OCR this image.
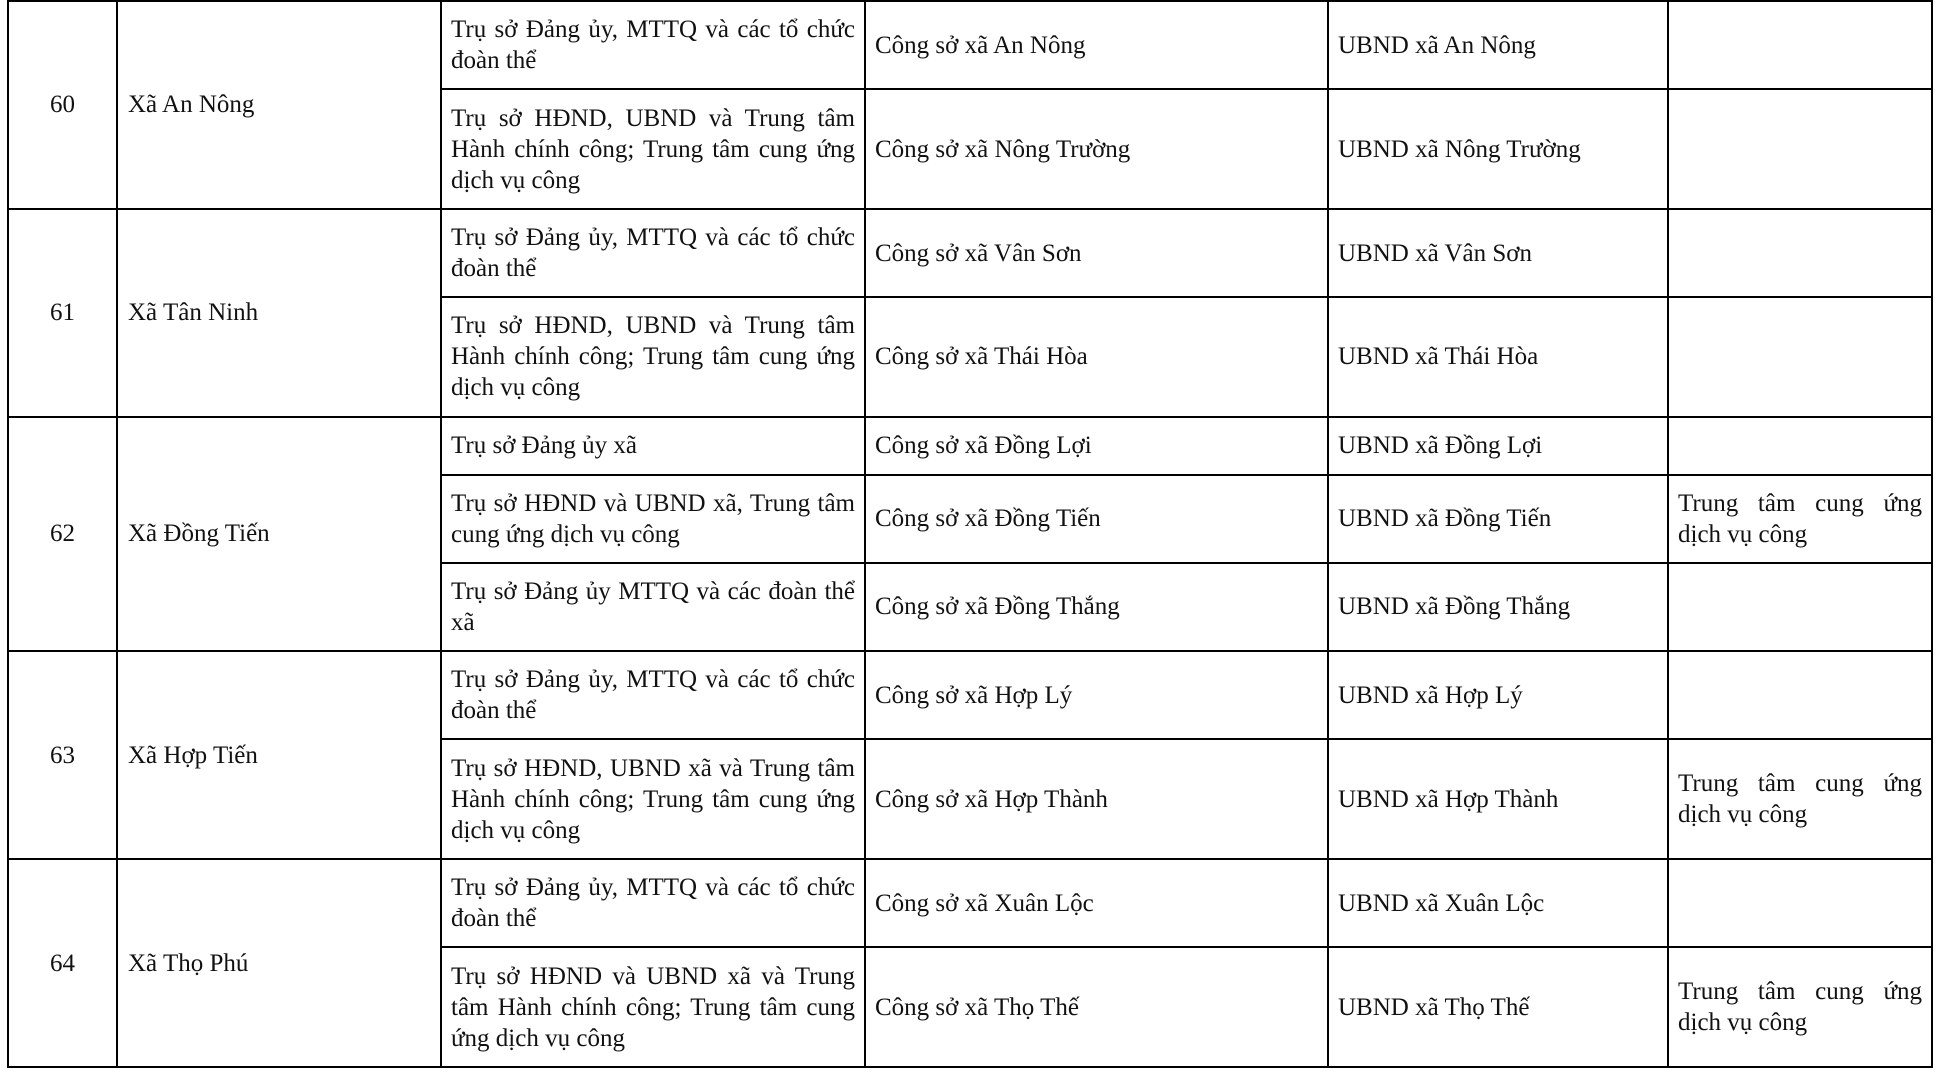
60	Xã An Nông	Trụ sở Đảng ủy, MTTQ và các tổ chức đoàn thể	Công sở xã An Nông	UBND xã An Nông	
		Trụ sở HĐND, UBND và Trung tâm Hành chính công; Trung tâm cung ứng dịch vụ công	Công sở xã Nông Trường	UBND xã Nông Trường	
61	Xã Tân Ninh	Trụ sở Đảng ủy, MTTQ và các tổ chức đoàn thể	Công sở xã Vân Sơn	UBND xã Vân Sơn	
		Trụ sở HĐND, UBND và Trung tâm Hành chính công; Trung tâm cung ứng dịch vụ công	Công sở xã Thái Hòa	UBND xã Thái Hòa	
62	Xã Đồng Tiến	Trụ sở Đảng ủy xã	Công sở xã Đồng Lợi	UBND xã Đồng Lợi	
		Trụ sở HĐND và UBND xã, Trung tâm cung ứng dịch vụ công	Công sở xã Đồng Tiến	UBND xã Đồng Tiến	Trung tâm cung ứng dịch vụ công
		Trụ sở Đảng ủy MTTQ và các đoàn thể xã	Công sở xã Đồng Thắng	UBND xã Đồng Thắng	
63	Xã Hợp Tiến	Trụ sở Đảng ủy, MTTQ và các tổ chức đoàn thể	Công sở xã Hợp Lý	UBND xã Hợp Lý	
		Trụ sở HĐND, UBND xã và Trung tâm Hành chính công; Trung tâm cung ứng dịch vụ công	Công sở xã Hợp Thành	UBND xã Hợp Thành	Trung tâm cung ứng dịch vụ công
64	Xã Thọ Phú	Trụ sở Đảng ủy, MTTQ và các tổ chức đoàn thể	Công sở xã Xuân Lộc	UBND xã Xuân Lộc	
		Trụ sở HĐND và UBND xã và Trung tâm Hành chính công; Trung tâm cung ứng dịch vụ công	Công sở xã Thọ Thế	UBND xã Thọ Thế	Trung tâm cung ứng dịch vụ công
